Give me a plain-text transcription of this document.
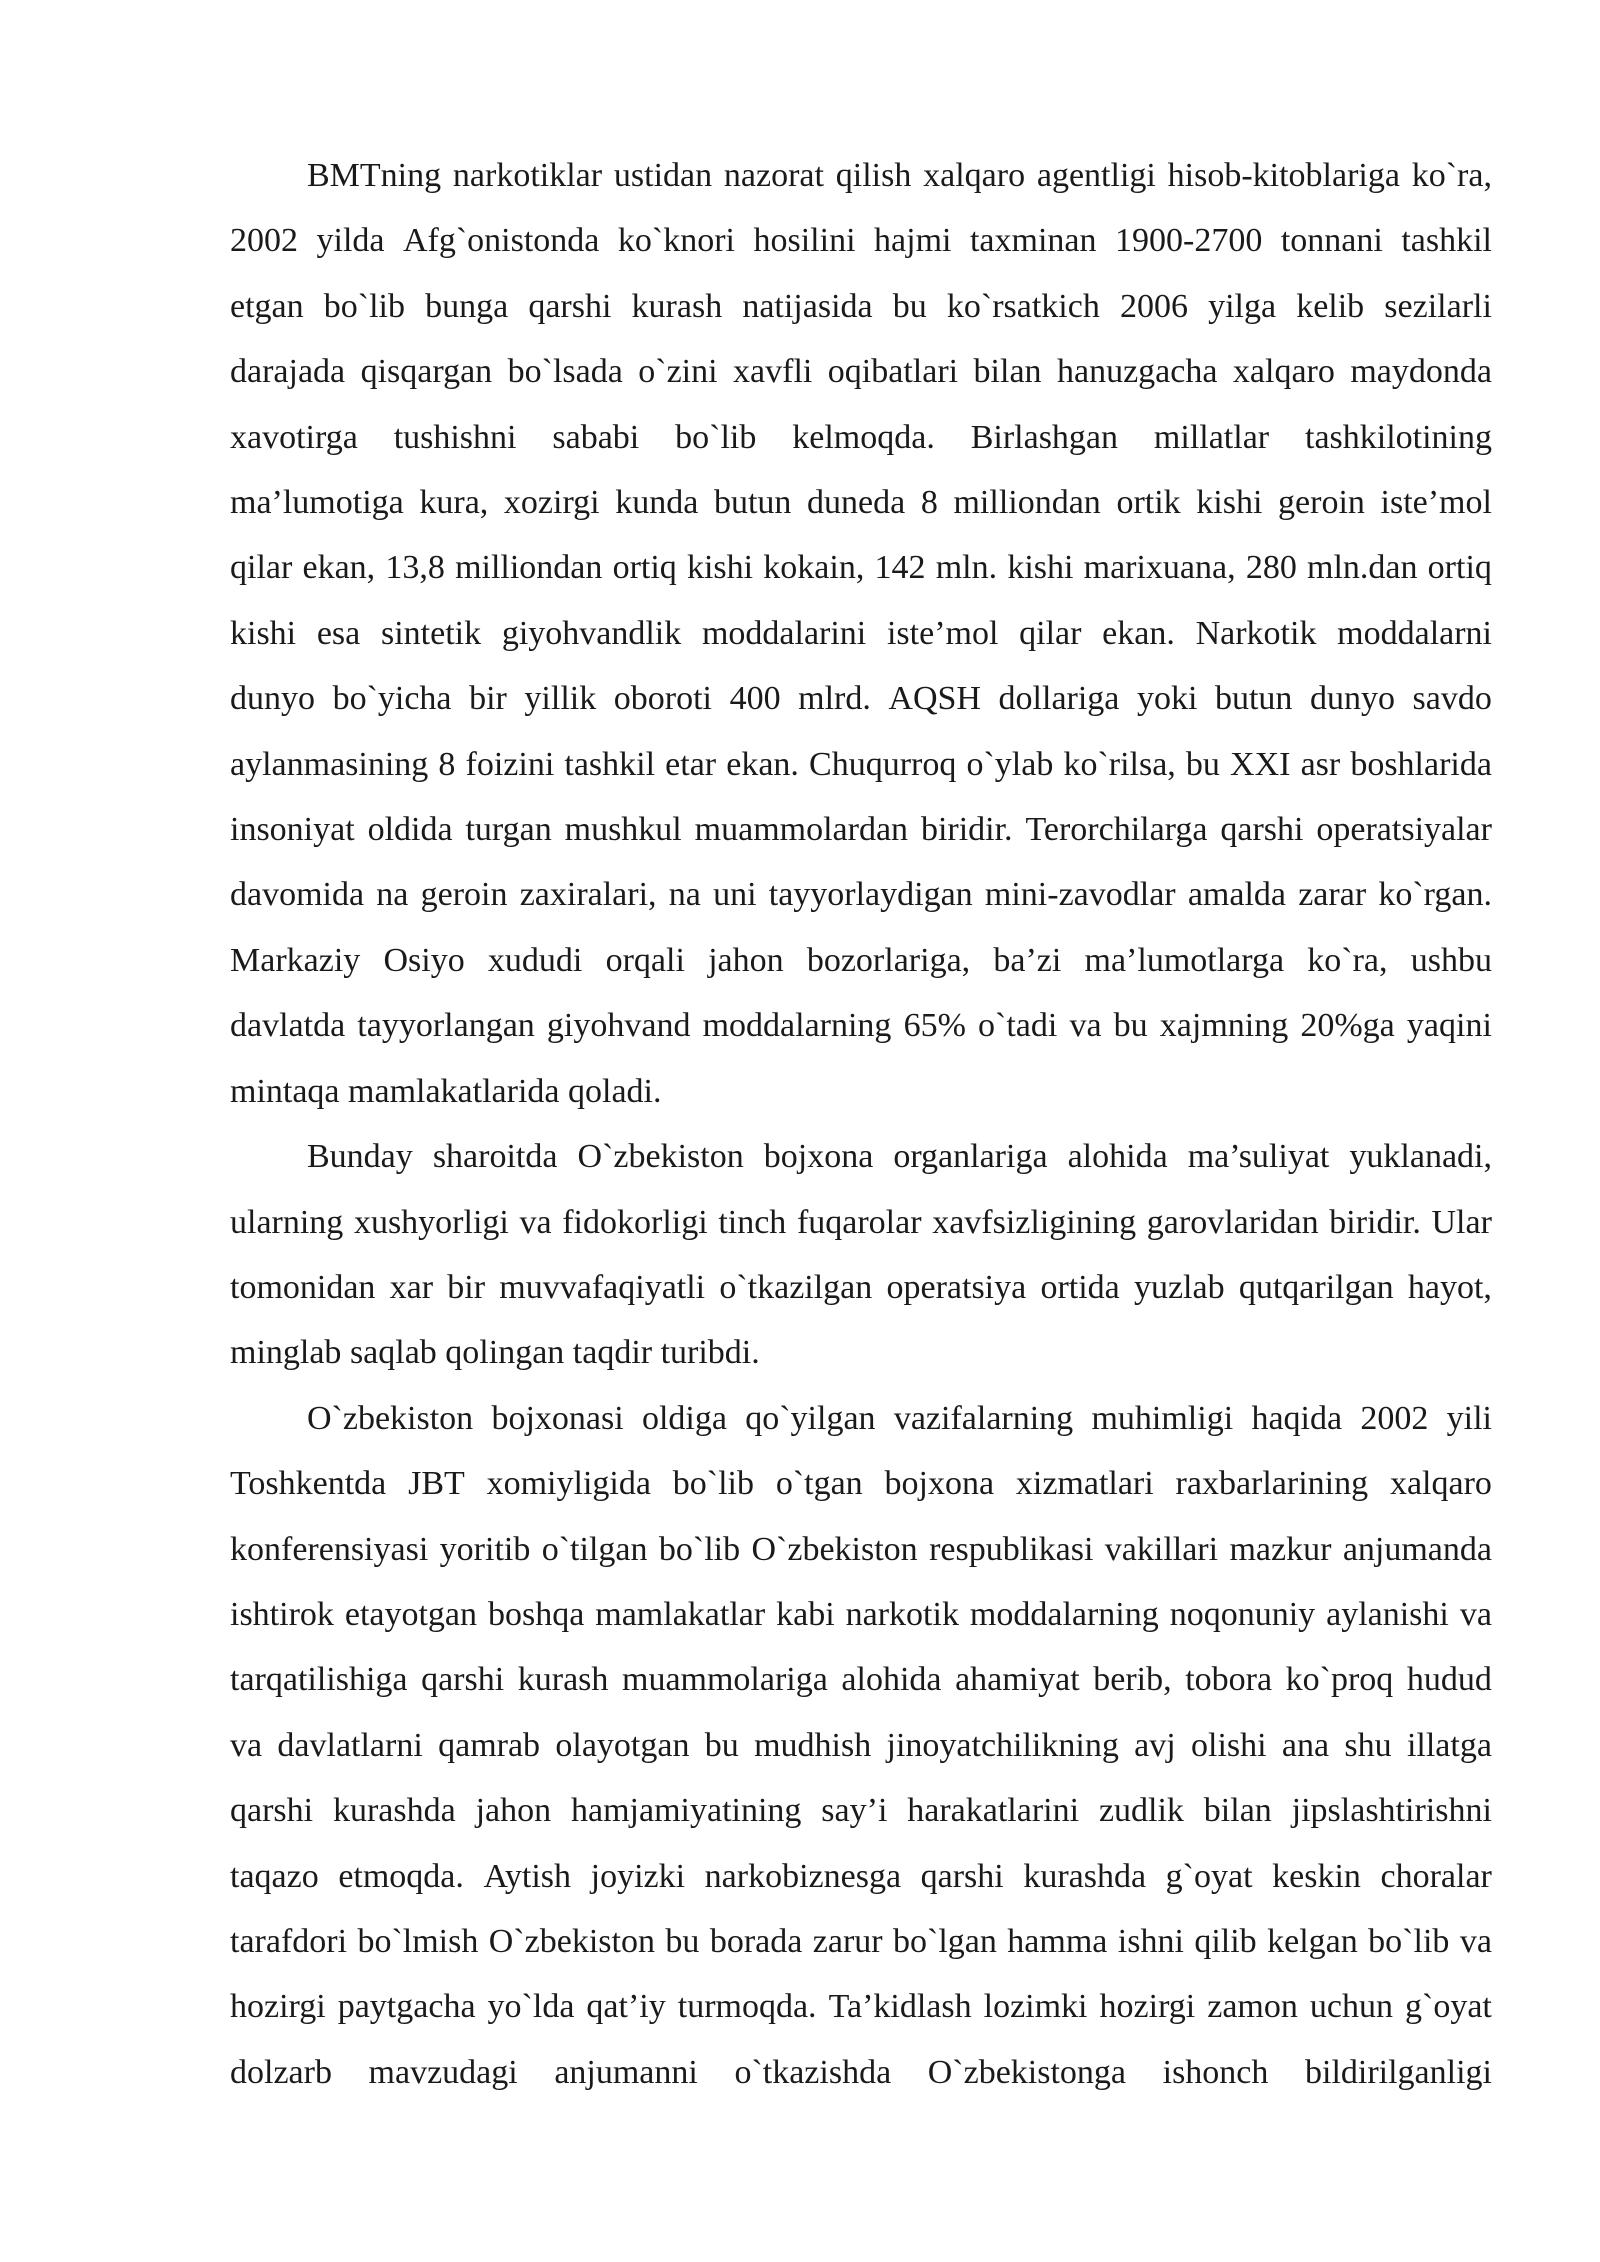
BMTning narkotiklar ustidan nazorat qilish xalqaro agentligi hisob-kitoblariga ko`ra,
2002 yilda Afg`onistonda ko`knori hosilini hajmi taxminan 1900-2700 tonnani tashkil
etgan bo`lib bunga qarshi kurash natijasida bu ko`rsatkich 2006 yilga kelib sezilarli
darajada qisqargan bo`lsada o`zini xavfli oqibatlari bilan hanuzgacha xalqaro maydonda
xavotirga tushishni sababi bo`lib kelmoqda. Birlashgan millatlar tashkilotining
ma’lumotiga kura, xozirgi kunda butun duneda 8 milliondan ortik kishi geroin iste’mol
qilar ekan, 13,8 milliondan ortiq kishi kokain, 142 mln. kishi marixuana, 280 mln.dan ortiq
kishi esa sintetik giyohvandlik moddalarini iste’mol qilar ekan. Narkotik moddalarni
dunyo bo`yicha bir yillik oboroti 400 mlrd. AQSH dollariga yoki butun dunyo savdo
aylanmasining 8 foizini tashkil etar ekan. Chuqurroq o`ylab ko`rilsa, bu XXI asr boshlarida
insoniyat oldida turgan mushkul muammolardan biridir. Terorchilarga qarshi operatsiyalar
davomida na geroin zaxiralari, na uni tayyorlaydigan mini-zavodlar amalda zarar ko`rgan.
Markaziy Osiyo xududi orqali jahon bozorlariga, ba’zi ma’lumotlarga ko`ra, ushbu
davlatda tayyorlangan giyohvand moddalarning 65% o`tadi va bu xajmning 20%ga yaqini
mintaqa mamlakatlarida qoladi.
Bunday sharoitda O`zbekiston bojxona organlariga alohida ma’suliyat yuklanadi,
ularning xushyorligi va fidokorligi tinch fuqarolar xavfsizligining garovlaridan biridir. Ular
tomonidan xar bir muvvafaqiyatli o`tkazilgan operatsiya ortida yuzlab qutqarilgan hayot,
minglab saqlab qolingan taqdir turibdi.
O`zbekiston bojxonasi oldiga qo`yilgan vazifalarning muhimligi haqida 2002 yili
Toshkentda JBT xomiyligida bo`lib o`tgan bojxona xizmatlari raxbarlarining xalqaro
konferensiyasi yoritib o`tilgan bo`lib O`zbekiston respublikasi vakillari mazkur anjumanda
ishtirok etayotgan boshqa mamlakatlar kabi narkotik moddalarning noqonuniy aylanishi va
tarqatilishiga qarshi kurash muammolariga alohida ahamiyat berib, tobora ko`proq hudud
va davlatlarni qamrab olayotgan bu mudhish jinoyatchilikning avj olishi ana shu illatga
qarshi kurashda jahon hamjamiyatining say’i harakatlarini zudlik bilan jipslashtirishni
taqazo etmoqda. Aytish joyizki narkobiznesga qarshi kurashda g`oyat keskin choralar
tarafdori bo`lmish O`zbekiston bu borada zarur bo`lgan hamma ishni qilib kelgan bo`lib va
hozirgi paytgacha yo`lda qat’iy turmoqda. Ta’kidlash lozimki hozirgi zamon uchun g`oyat
dolzarb mavzudagi anjumanni o`tkazishda O`zbekistonga ishonch bildirilganligi
